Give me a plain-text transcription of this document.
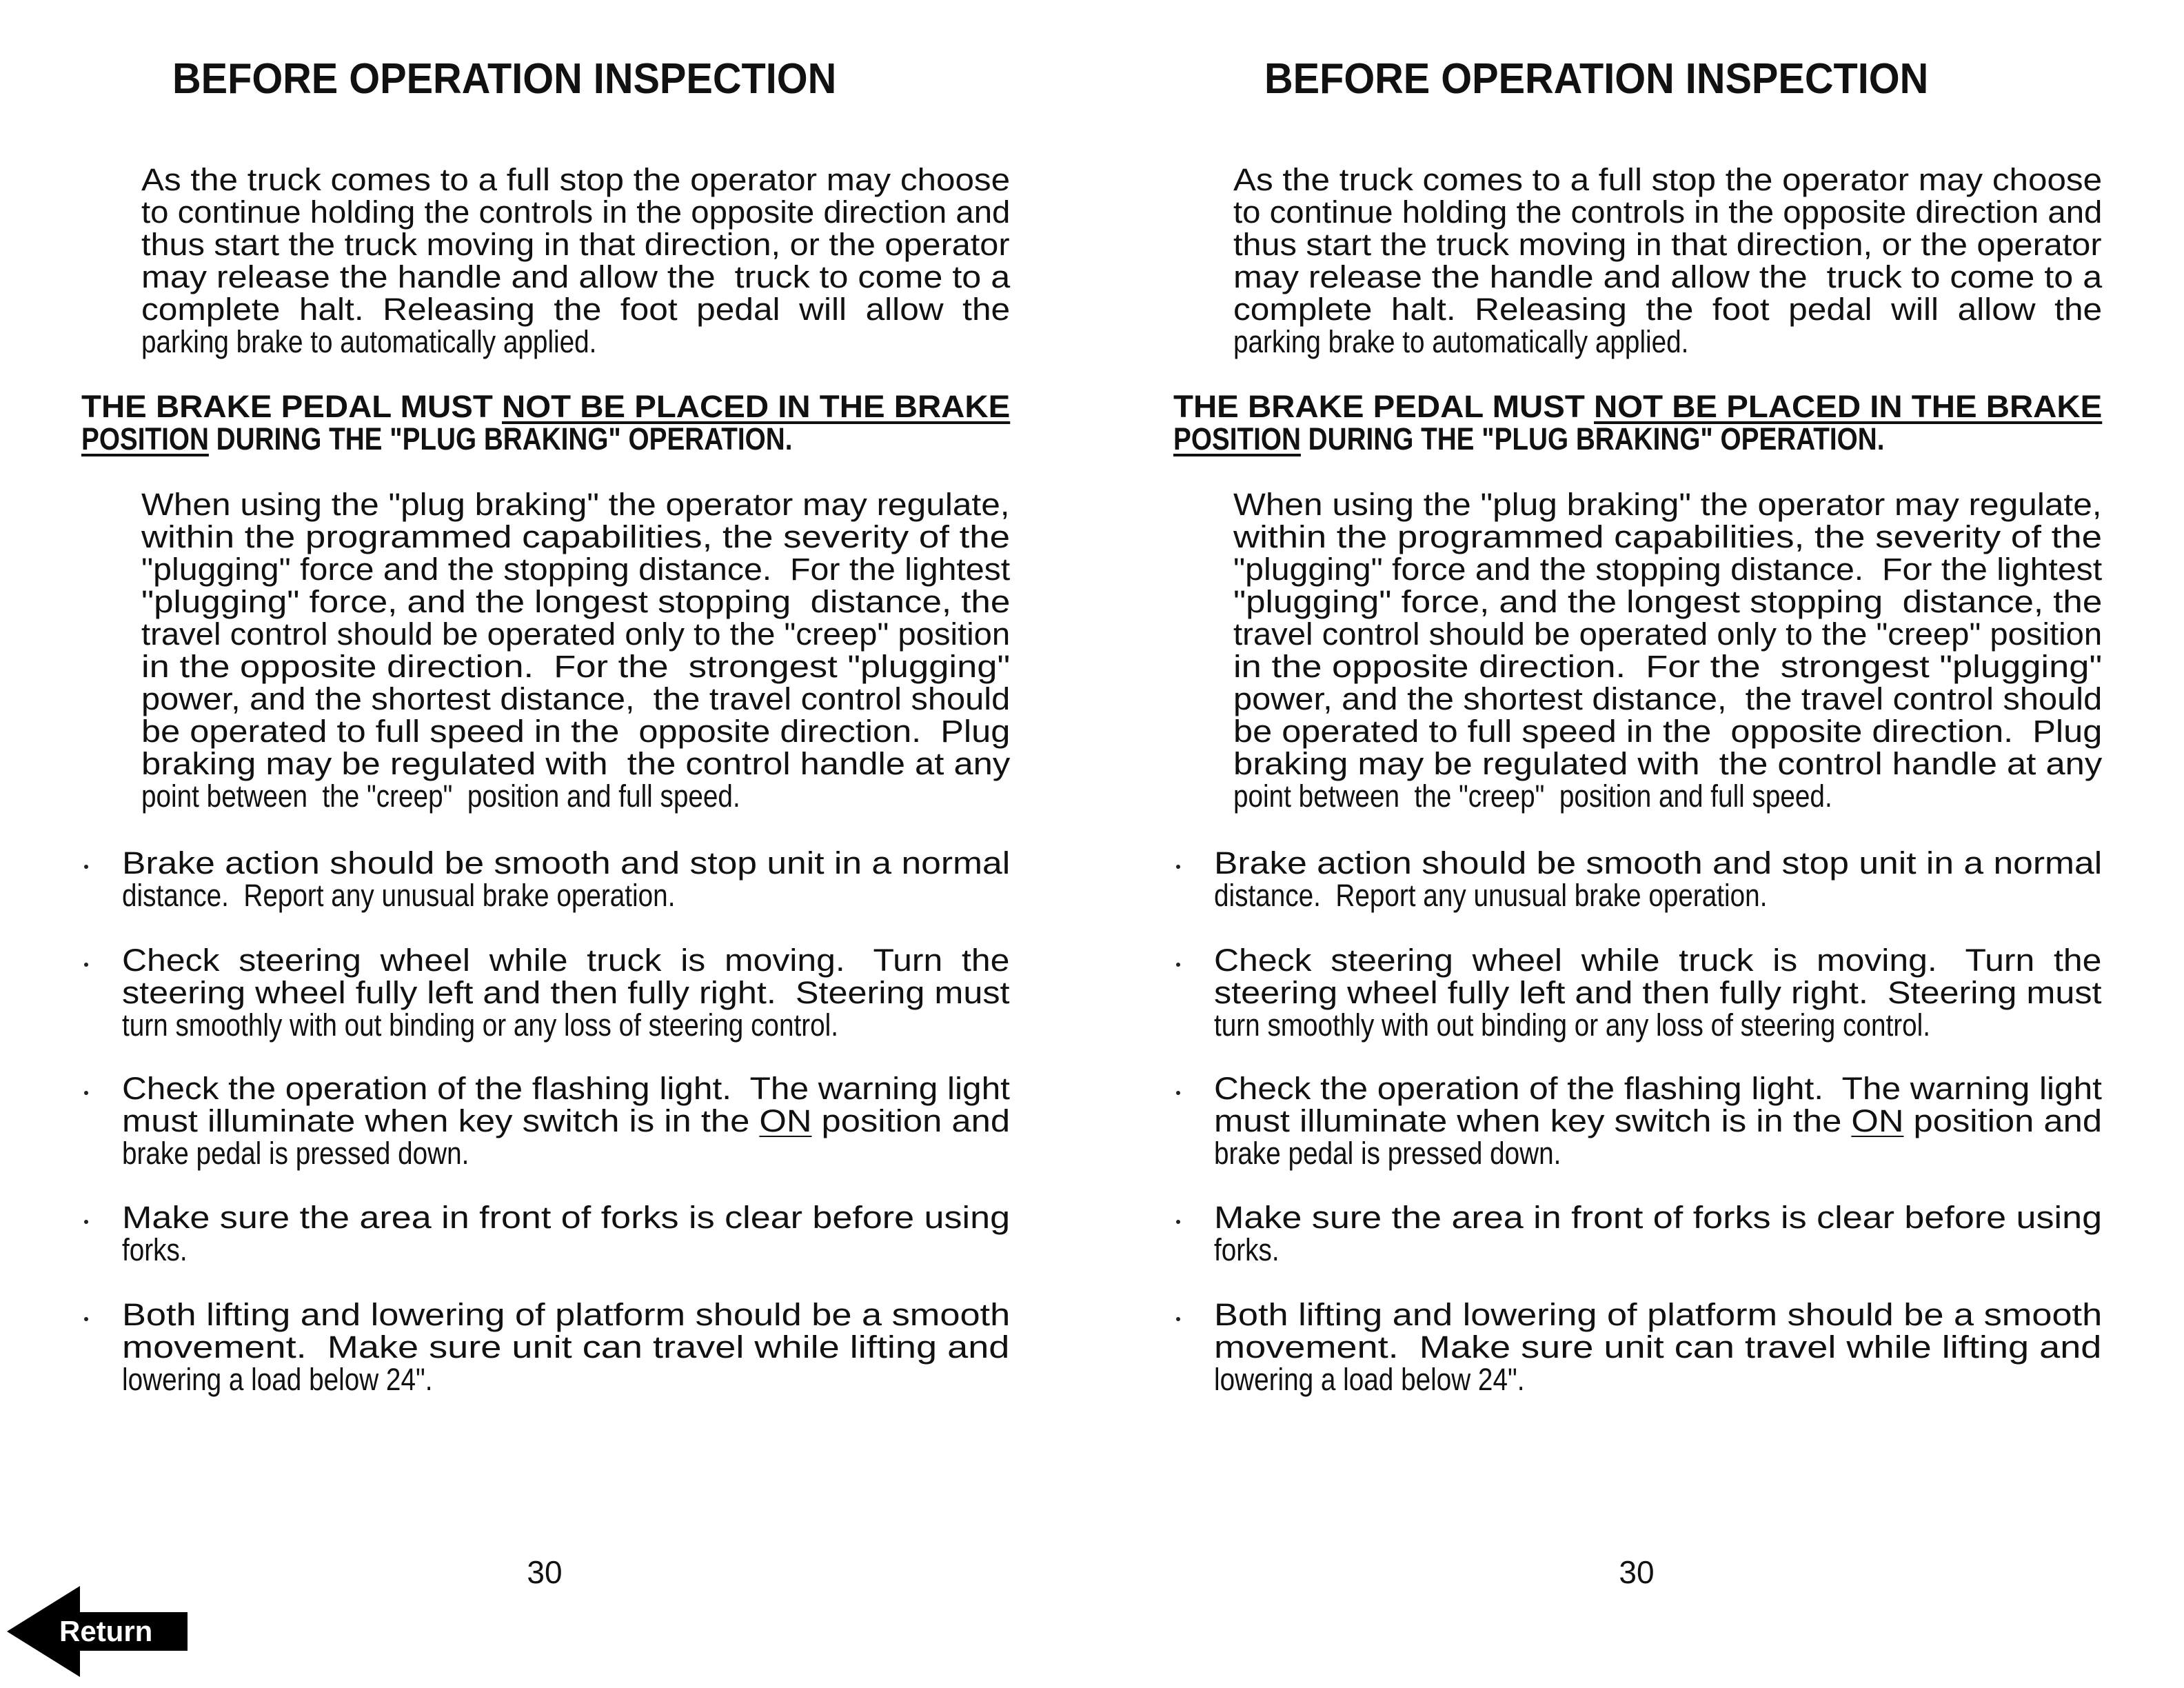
BEFORE OPERATION INSPECTION
As the truck comes to a full stop the operator may choose
to continue holding the controls in the opposite direction and
thus start the truck moving in that direction, or the operator
may release the handle and allow the  truck to come to a
complete  halt.  Releasing  the  foot  pedal  will  allow  the
parking brake to automatically applied.
THE BRAKE PEDAL MUST NOT BE PLACED IN THE BRAKE
POSITION DURING THE "PLUG BRAKING" OPERATION.
When using the "plug braking" the operator may regulate,
within the programmed capabilities, the severity of the
"plugging" force and the stopping distance.  For the lightest
"plugging" force, and the longest stopping  distance, the
travel control should be operated only to the "creep" position
in the opposite direction.  For the  strongest "plugging"
power, and the shortest distance,  the travel control should
be operated to full speed in the  opposite direction.  Plug
braking may be regulated with  the control handle at any
point between  the "creep"  position and full speed.
Brake action should be smooth and stop unit in a normal
distance.  Report any unusual brake operation.
Check  steering  wheel  while  truck  is  moving.   Turn  the
steering wheel fully left and then fully right.  Steering must
turn smoothly with out binding or any loss of steering control.
Check the operation of the flashing light.  The warning light
must illuminate when key switch is in the ON position and
brake pedal is pressed down.
Make sure the area in front of forks is clear before using
forks.
Both lifting and lowering of platform should be a smooth
movement.  Make sure unit can travel while lifting and
lowering a load below 24".
30
BEFORE OPERATION INSPECTION
As the truck comes to a full stop the operator may choose
to continue holding the controls in the opposite direction and
thus start the truck moving in that direction, or the operator
may release the handle and allow the  truck to come to a
complete  halt.  Releasing  the  foot  pedal  will  allow  the
parking brake to automatically applied.
THE BRAKE PEDAL MUST NOT BE PLACED IN THE BRAKE
POSITION DURING THE "PLUG BRAKING" OPERATION.
When using the "plug braking" the operator may regulate,
within the programmed capabilities, the severity of the
"plugging" force and the stopping distance.  For the lightest
"plugging" force, and the longest stopping  distance, the
travel control should be operated only to the "creep" position
in the opposite direction.  For the  strongest "plugging"
power, and the shortest distance,  the travel control should
be operated to full speed in the  opposite direction.  Plug
braking may be regulated with  the control handle at any
point between  the "creep"  position and full speed.
Brake action should be smooth and stop unit in a normal
distance.  Report any unusual brake operation.
Check  steering  wheel  while  truck  is  moving.   Turn  the
steering wheel fully left and then fully right.  Steering must
turn smoothly with out binding or any loss of steering control.
Check the operation of the flashing light.  The warning light
must illuminate when key switch is in the ON position and
brake pedal is pressed down.
Make sure the area in front of forks is clear before using
forks.
Both lifting and lowering of platform should be a smooth
movement.  Make sure unit can travel while lifting and
lowering a load below 24".
30
Return
